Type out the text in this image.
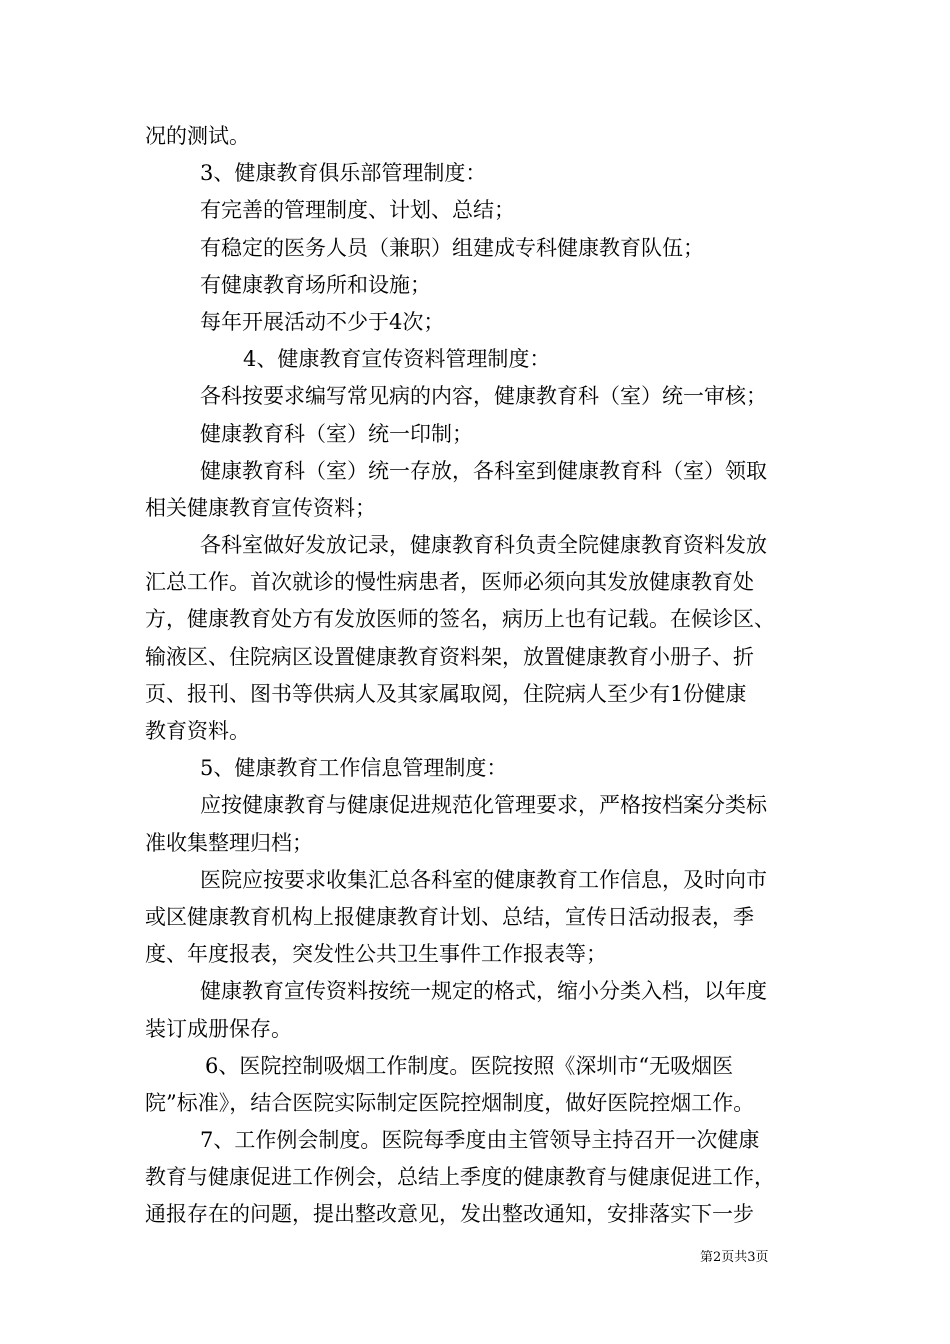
况的测试。
3、健康教育俱乐部管理制度：
有完善的管理制度、计划、总结；
有稳定的医务人员（兼职）组建成专科健康教育队伍；
有健康教育场所和设施；
每年开展活动不少于4次；
4、健康教育宣传资料管理制度：
各科按要求编写常见病的内容，健康教育科（室）统一审核；
健康教育科（室）统一印制；
健康教育科（室）统一存放，各科室到健康教育科（室）领取
相关健康教育宣传资料；
各科室做好发放记录，健康教育科负责全院健康教育资料发放
汇总工作。首次就诊的慢性病患者，医师必须向其发放健康教育处
方，健康教育处方有发放医师的签名，病历上也有记载。在候诊区、
输液区、住院病区设置健康教育资料架，放置健康教育小册子、折
页、报刊、图书等供病人及其家属取阅，住院病人至少有1份健康
教育资料。
5、健康教育工作信息管理制度：
应按健康教育与健康促进规范化管理要求，严格按档案分类标
准收集整理归档；
医院应按要求收集汇总各科室的健康教育工作信息，及时向市
或区健康教育机构上报健康教育计划、总结，宣传日活动报表，季
度、年度报表，突发性公共卫生事件工作报表等；
健康教育宣传资料按统一规定的格式，缩小分类入档，以年度
装订成册保存。
6、医院控制吸烟工作制度。医院按照《深圳市“无吸烟医
院”标准》，结合医院实际制定医院控烟制度，做好医院控烟工作。
7、工作例会制度。医院每季度由主管领导主持召开一次健康
教育与健康促进工作例会，总结上季度的健康教育与健康促进工作，
通报存在的问题，提出整改意见，发出整改通知，安排落实下一步
第2页共3页
